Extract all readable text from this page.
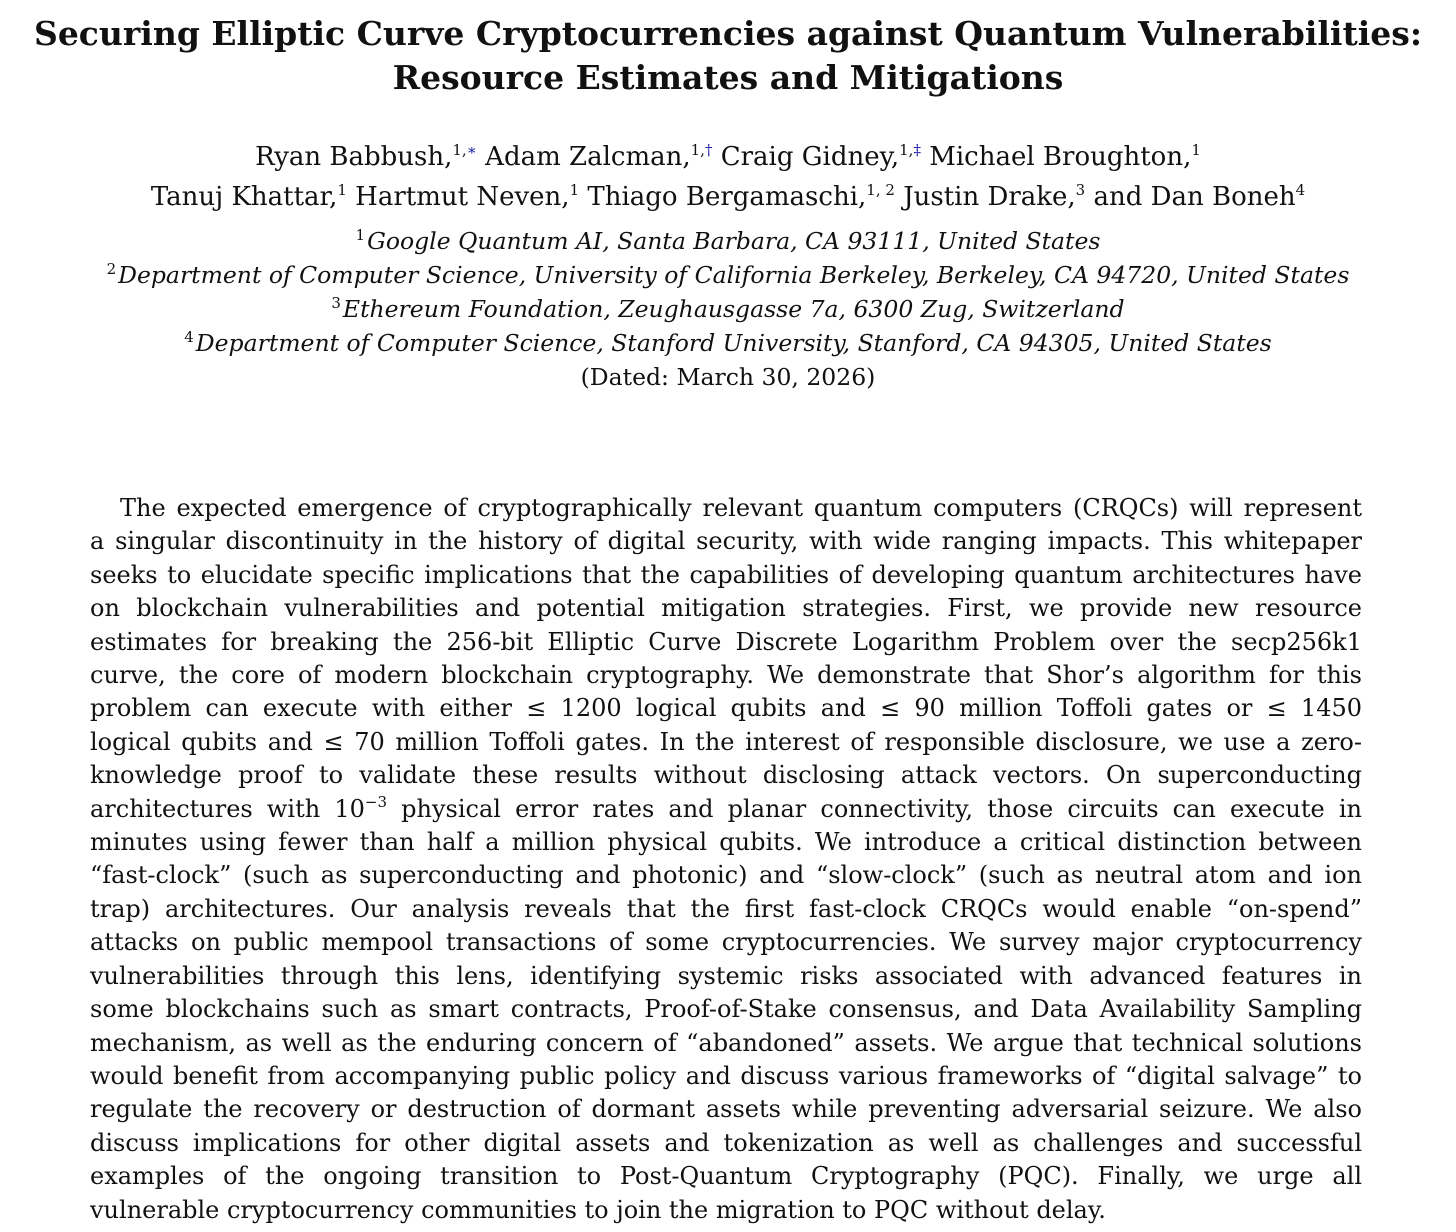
Securing Elliptic Curve Cryptocurrencies against Quantum Vulnerabilities:
Resource Estimates and Mitigations
Ryan Babbush,$^{1,∗}$ Adam Zalcman,$^{1,\dagger}$ Craig Gidney,$^{1,\ddagger}$ Michael Broughton,$^1$
Tanuj Khattar,$^1$ Hartmut Neven,$^1$ Thiago Bergamaschi,$^{1, 2}$ Justin Drake,$^3$ and Dan Boneh$^4$
$^1$Google Quantum AI, Santa Barbara, CA 93111, United States
$^2$Department of Computer Science, University of California Berkeley, Berkeley, CA 94720, United States
$^3$Ethereum Foundation, Zeughausgasse 7a, 6300 Zug, Switzerland
$^4$Department of Computer Science, Stanford University, Stanford, CA 94305, United States
(Dated: March 30, 2026)
The expected emergence of cryptographically relevant quantum computers (CRQCs) will represent
a singular discontinuity in the history of digital security, with wide ranging impacts. This whitepaper
seeks to elucidate specific implications that the capabilities of developing quantum architectures have
on blockchain vulnerabilities and potential mitigation strategies. First, we provide new resource
estimates for breaking the 256-bit Elliptic Curve Discrete Logarithm Problem over the secp256k1
curve, the core of modern blockchain cryptography. We demonstrate that Shor’s algorithm for this
problem can execute with either ≤ 1200 logical qubits and ≤ 90 million Toffoli gates or ≤ 1450
logical qubits and ≤ 70 million Toffoli gates. In the interest of responsible disclosure, we use a zero-
knowledge proof to validate these results without disclosing attack vectors. On superconducting
architectures with $10^{-3}$ physical error rates and planar connectivity, those circuits can execute in
minutes using fewer than half a million physical qubits. We introduce a critical distinction between
“fast-clock” (such as superconducting and photonic) and “slow-clock” (such as neutral atom and ion
trap) architectures. Our analysis reveals that the first fast-clock CRQCs would enable “on-spend”
attacks on public mempool transactions of some cryptocurrencies. We survey major cryptocurrency
vulnerabilities through this lens, identifying systemic risks associated with advanced features in
some blockchains such as smart contracts, Proof-of-Stake consensus, and Data Availability Sampling
mechanism, as well as the enduring concern of “abandoned” assets. We argue that technical solutions
would benefit from accompanying public policy and discuss various frameworks of “digital salvage” to
regulate the recovery or destruction of dormant assets while preventing adversarial seizure. We also
discuss implications for other digital assets and tokenization as well as challenges and successful
examples of the ongoing transition to Post-Quantum Cryptography (PQC). Finally, we urge all
vulnerable cryptocurrency communities to join the migration to PQC without delay.
